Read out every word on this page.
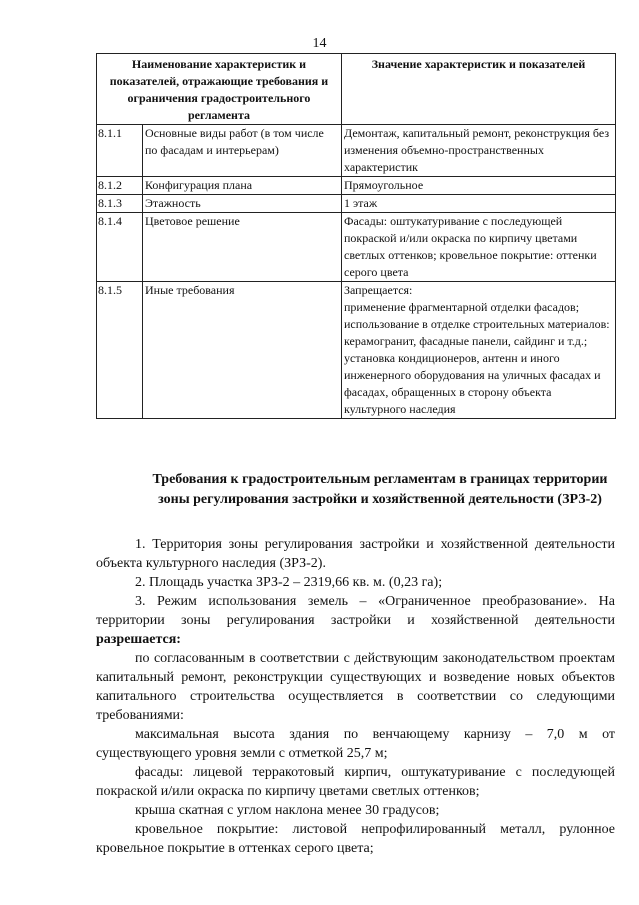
14
Наименование характеристик и показателей, отражающие требования и ограничения градостроительного регламента		Значение характеристик и показателей
8.1.1	Основные виды работ (в том числе по фасадам и интерьерам)	Демонтаж, капитальный ремонт, реконструкция без изменения объемно-пространственных характеристик

8.1.2	Конфигурация плана	Прямоугольное

8.1.3	Этажность	1 этаж

8.1.4	Цветовое решение	Фасады: оштукатуривание с последующей покраской и/или окраска по кирпичу цветами светлых оттенков; кровельное покрытие: оттенки серого цвета

8.1.5	Иные требования	Запрещается:
применение фрагментарной отделки фасадов;
использование в отделке строительных материалов: керамогранит, фасадные панели, сайдинг и т.д.;
установка кондиционеров, антенн и иного инженерного оборудования на уличных фасадах и фасадах, обращенных в сторону объекта культурного наследия
Требования к градостроительным регламентам в границах территории зоны регулирования застройки и хозяйственной деятельности (ЗРЗ-2)

1. Территория зоны регулирования застройки и хозяйственной деятельности объекта культурного наследия (ЗРЗ-2).

2. Площадь участка ЗРЗ-2 – 2319,66 кв. м. (0,23 га);

3. Режим использования земель – «Ограниченное преобразование». На территории зоны регулирования застройки и хозяйственной деятельности разрешается:

по согласованным в соответствии с действующим законодательством проектам капитальный ремонт, реконструкции существующих и возведение новых объектов капитального строительства осуществляется в соответствии со следующими требованиями:

максимальная высота здания по венчающему карнизу – 7,0 м от существующего уровня земли с отметкой 25,7 м;

фасады: лицевой терракотовый кирпич, оштукатуривание с последующей покраской и/или окраска по кирпичу цветами светлых оттенков;

крыша скатная с углом наклона менее 30 градусов;

кровельное покрытие: листовой непрофилированный металл, рулонное кровельное покрытие в оттенках серого цвета;
